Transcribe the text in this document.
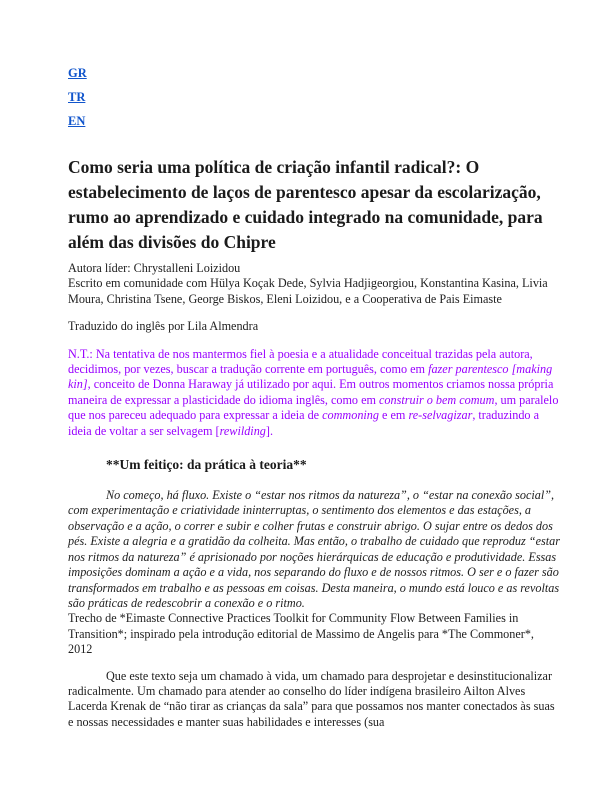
GR
TR
EN
Como seria uma política de criação infantil radical?: O estabelecimento de laços de parentesco apesar da escolarização, rumo ao aprendizado e cuidado integrado na comunidade, para além das divisões do Chipre

Autora líder: Chrystalleni Loizidou
Escrito em comunidade com Hülya Koçak Dede, Sylvia Hadjigeorgiou, Konstantina Kasina, Livia Moura, Christina Tsene, George Biskos, Eleni Loizidou, e a Cooperativa de Pais Eimaste

Traduzido do inglês por Lila Almendra

N.T.: Na tentativa de nos mantermos fiel à poesia e a atualidade conceitual trazidas pela autora, decidimos, por vezes, buscar a tradução corrente em português, como em fazer parentesco [making kin], conceito de Donna Haraway já utilizado por aqui. Em outros momentos criamos nossa própria maneira de expressar a plasticidade do idioma inglês, como em construir o bem comum, um paralelo que nos pareceu adequado para expressar a ideia de commoning e em re-selvagizar, traduzindo a ideia de voltar a ser selvagem [rewilding].

**Um feitiço: da prática à teoria**

No começo, há fluxo. Existe o “estar nos ritmos da natureza”, o “estar na conexão social”, com experimentação e criatividade ininterruptas, o sentimento dos elementos e das estações, a observação e a ação, o correr e subir e colher frutas e construir abrigo. O sujar entre os dedos dos pés. Existe a alegria e a gratidão da colheita. Mas então, o trabalho de cuidado que reproduz “estar nos ritmos da natureza” é aprisionado por noções hierárquicas de educação e produtividade. Essas imposições dominam a ação e a vida, nos separando do fluxo e de nossos ritmos. O ser e o fazer são transformados em trabalho e as pessoas em coisas. Desta maneira, o mundo está louco e as revoltas são práticas de redescobrir a conexão e o ritmo.
Trecho de *Eimaste Connective Practices Toolkit for Community Flow Between Families in Transition*; inspirado pela introdução editorial de Massimo de Angelis para *The Commoner*, 2012

Que este texto seja um chamado à vida, um chamado para desprojetar e desinstitucionalizar radicalmente. Um chamado para atender ao conselho do líder indígena brasileiro Ailton Alves Lacerda Krenak de “não tirar as crianças da sala” para que possamos nos manter conectados às suas e nossas necessidades e manter suas habilidades e interesses (sua
